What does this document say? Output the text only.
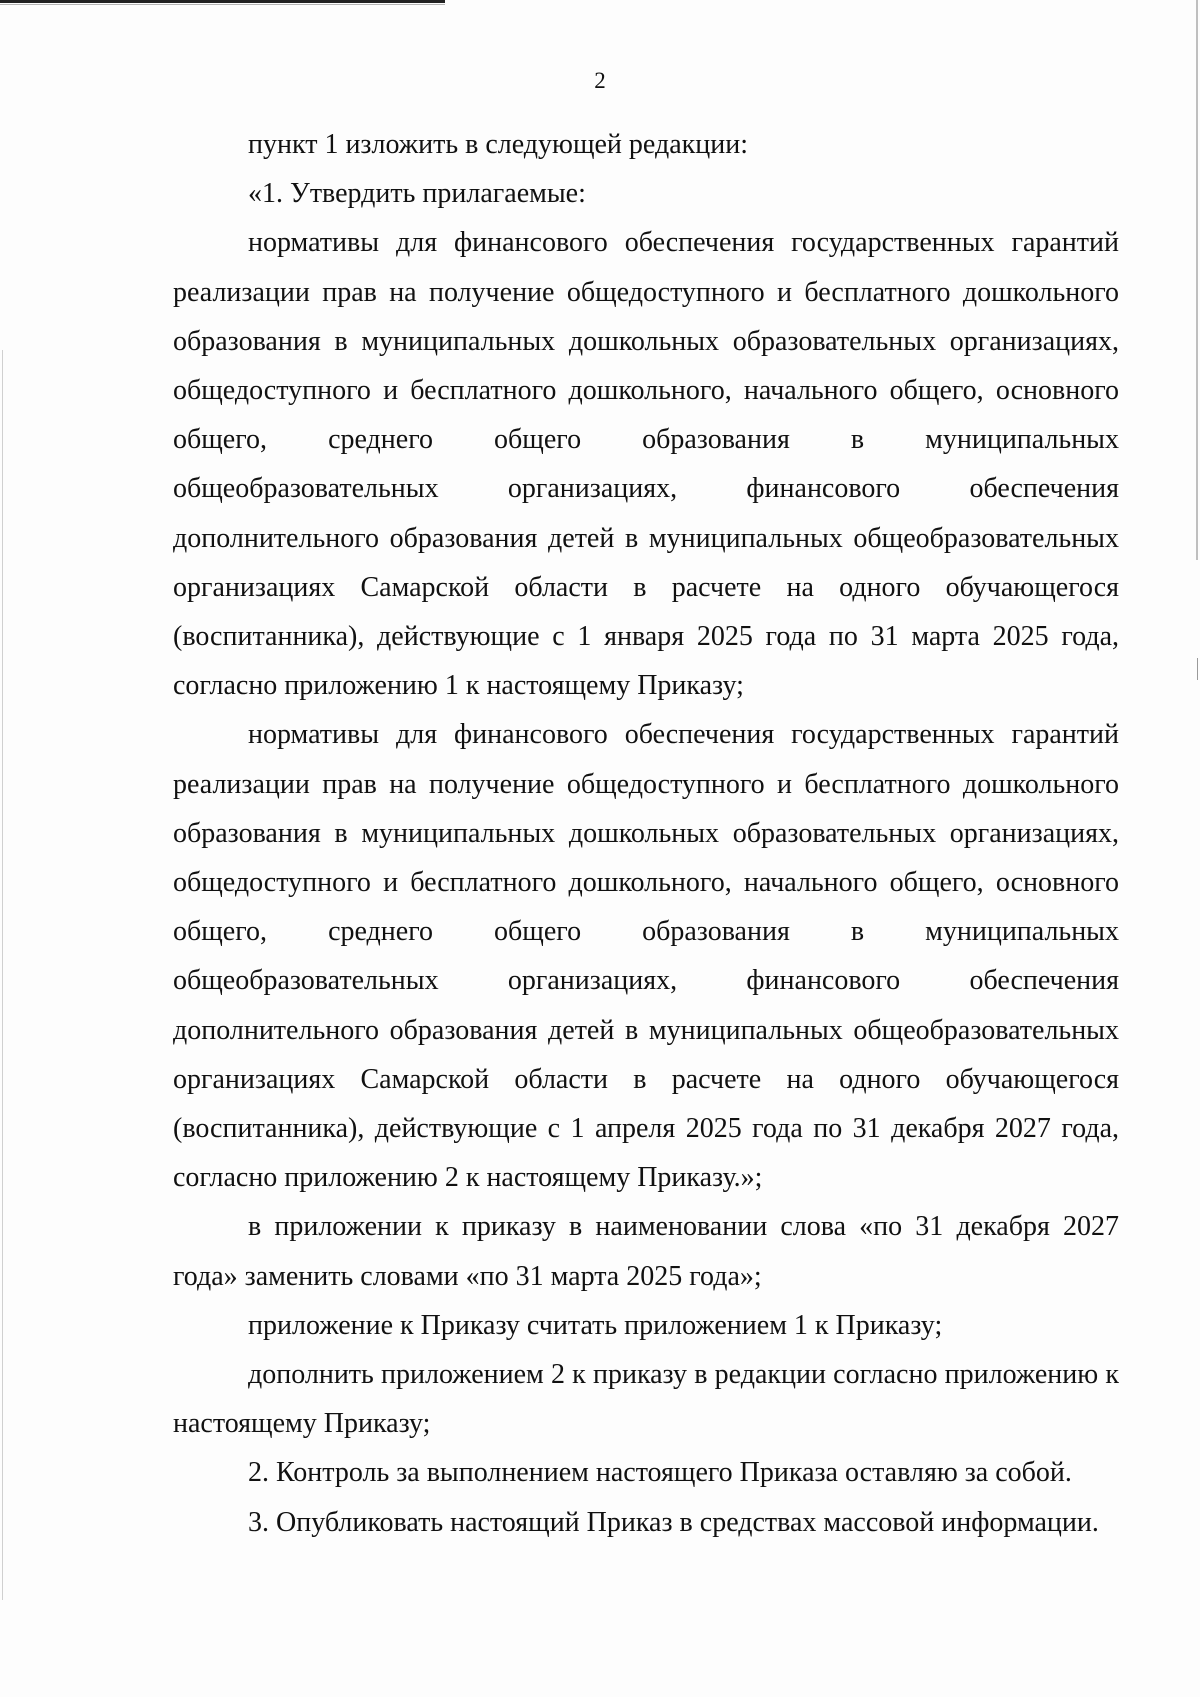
2

пункт 1 изложить в следующей редакции:

«1. Утвердить прилагаемые:

нормативы для финансового обеспечения государственных гарантий реализации прав на получение общедоступного и бесплатного дошкольного образования в муниципальных дошкольных образовательных организациях, общедоступного и бесплатного дошкольного, начального общего, основного общего, среднего общего образования в муниципальных общеобразовательных организациях, финансового обеспечения дополнительного образования детей в муниципальных общеобразовательных организациях Самарской области в расчете на одного обучающегося (воспитанника), действующие с 1 января 2025 года по 31 марта 2025 года, согласно приложению 1 к настоящему Приказу;

нормативы для финансового обеспечения государственных гарантий реализации прав на получение общедоступного и бесплатного дошкольного образования в муниципальных дошкольных образовательных организациях, общедоступного и бесплатного дошкольного, начального общего, основного общего, среднего общего образования в муниципальных общеобразовательных организациях, финансового обеспечения дополнительного образования детей в муниципальных общеобразовательных организациях Самарской области в расчете на одного обучающегося (воспитанника), действующие с 1 апреля 2025 года по 31 декабря 2027 года, согласно приложению 2 к настоящему Приказу.»;

в приложении к приказу в наименовании слова «по 31 декабря 2027 года» заменить словами «по 31 марта 2025 года»;

приложение к Приказу считать приложением 1 к Приказу;

дополнить приложением 2 к приказу в редакции согласно приложению к настоящему Приказу;

2. Контроль за выполнением настоящего Приказа оставляю за собой.

3. Опубликовать настоящий Приказ в средствах массовой информации.
